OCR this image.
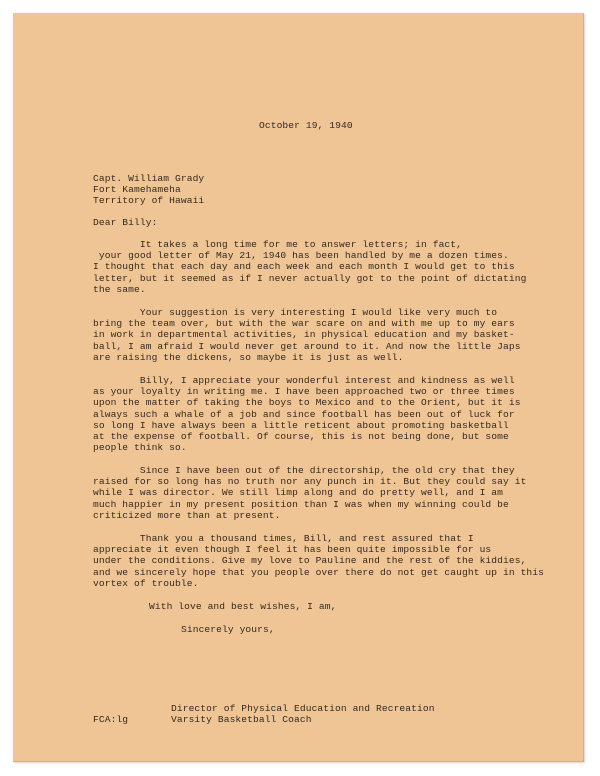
October 19, 1940

Capt. William Grady

Fort Kamehameha

Territory of Hawaii

Dear Billy:

It takes a long time for me to answer letters; in fact,
your good letter of May 21, 1940 has been handled by me a dozen times.
I thought that each day and each week and each month I would get to this
letter, but it seemed as if I never actually got to the point of dictating
the same.

Your suggestion is very interesting I would like very much to
bring the team over, but with the war scare on and with me up to my ears
in work in departmental activities, in physical education and my basket-
ball, I am afraid I would never get around to it. And now the little Japs
are raising the dickens, so maybe it is just as well.

Billy, I appreciate your wonderful interest and kindness as well
as your loyalty in writing me. I have been approached two or three times
upon the matter of taking the boys to Mexico and to the Orient, but it is
always such a whale of a job and since football has been out of luck for
so long I have always been a little reticent about promoting basketball
at the expense of football. Of course, this is not being done, but some
people think so.

Since I have been out of the directorship, the old cry that they
raised for so long has no truth nor any punch in it. But they could say it
while I was director. We still limp along and do pretty well, and I am
much happier in my present position than I was when my winning could be
criticized more than at present.

Thank you a thousand times, Bill, and rest assured that I
appreciate it even though I feel it has been quite impossible for us
under the conditions. Give my love to Pauline and the rest of the kiddies,
and we sincerely hope that you people over there do not get caught up in this
vortex of trouble.

With love and best wishes, I am,

Sincerely yours,

Director of Physical Education and Recreation

Varsity Basketball Coach

FCA:lg
